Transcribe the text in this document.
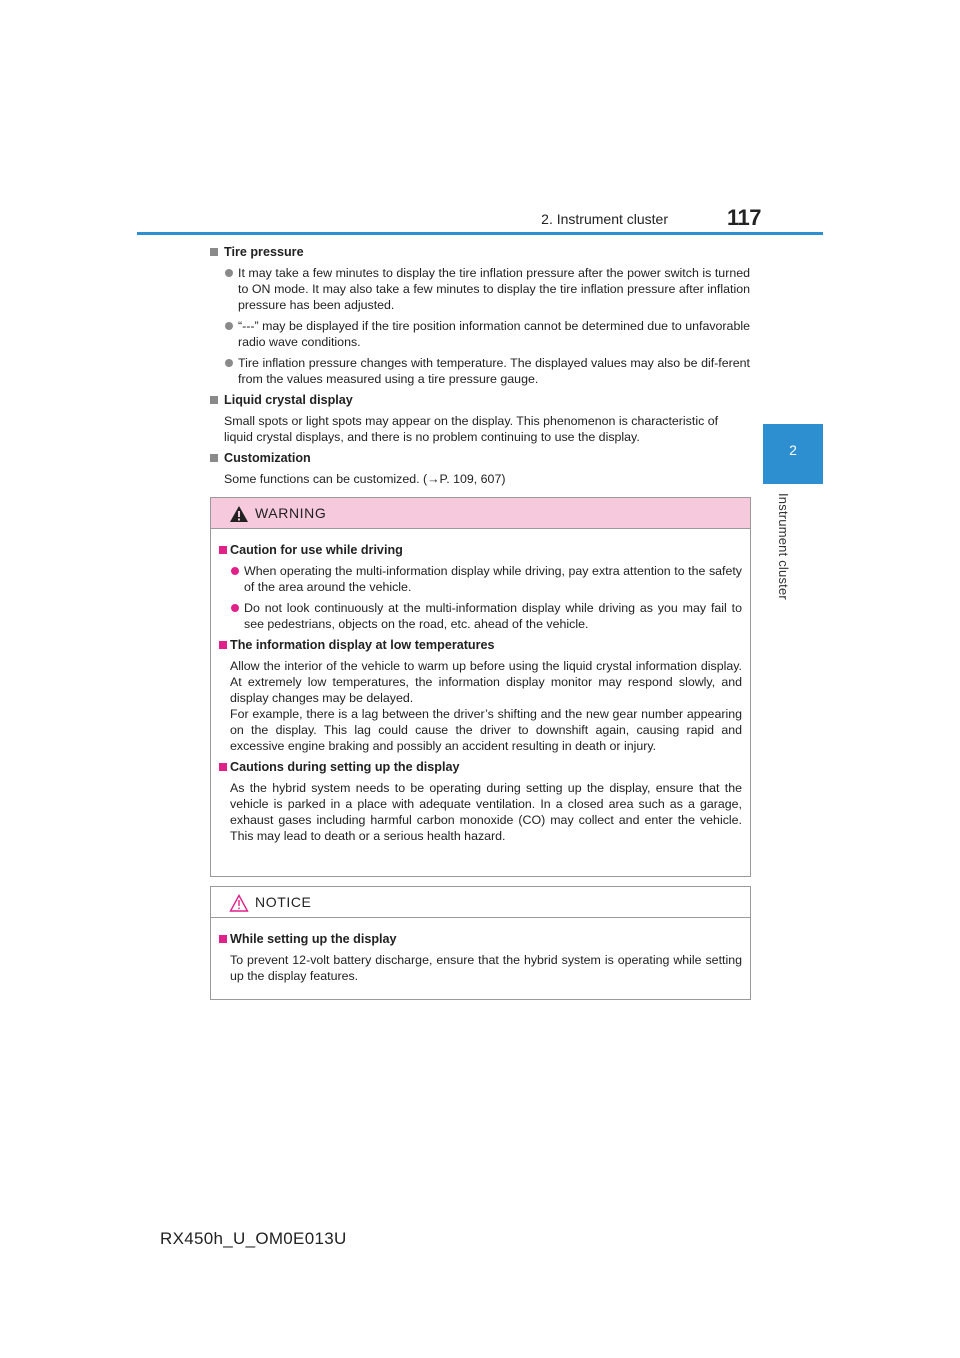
2. Instrument cluster	117
2
Instrument cluster
Tire pressure
It may take a few minutes to display the tire inflation pressure after the power switch is turned to ON mode. It may also take a few minutes to display the tire inflation pressure after inflation pressure has been adjusted.
“---” may be displayed if the tire position information cannot be determined due to unfavorable radio wave conditions.
Tire inflation pressure changes with temperature. The displayed values may also be dif-ferent from the values measured using a tire pressure gauge.
Liquid crystal display
Small spots or light spots may appear on the display. This phenomenon is characteristic of liquid crystal displays, and there is no problem continuing to use the display.
Customization
Some functions can be customized. (→P. 109, 607)
WARNING
Caution for use while driving
When operating the multi-information display while driving, pay extra attention to the safety of the area around the vehicle.
Do not look continuously at the multi-information display while driving as you may fail to see pedestrians, objects on the road, etc. ahead of the vehicle.
The information display at low temperatures
Allow the interior of the vehicle to warm up before using the liquid crystal information display. At extremely low temperatures, the information display monitor may respond slowly, and display changes may be delayed.
For example, there is a lag between the driver’s shifting and the new gear number appearing on the display. This lag could cause the driver to downshift again, causing rapid and excessive engine braking and possibly an accident resulting in death or injury.
Cautions during setting up the display
As the hybrid system needs to be operating during setting up the display, ensure that the vehicle is parked in a place with adequate ventilation. In a closed area such as a garage, exhaust gases including harmful carbon monoxide (CO) may collect and enter the vehicle. This may lead to death or a serious health hazard.
NOTICE
While setting up the display
To prevent 12-volt battery discharge, ensure that the hybrid system is operating while setting up the display features.
RX450h_U_OM0E013U
